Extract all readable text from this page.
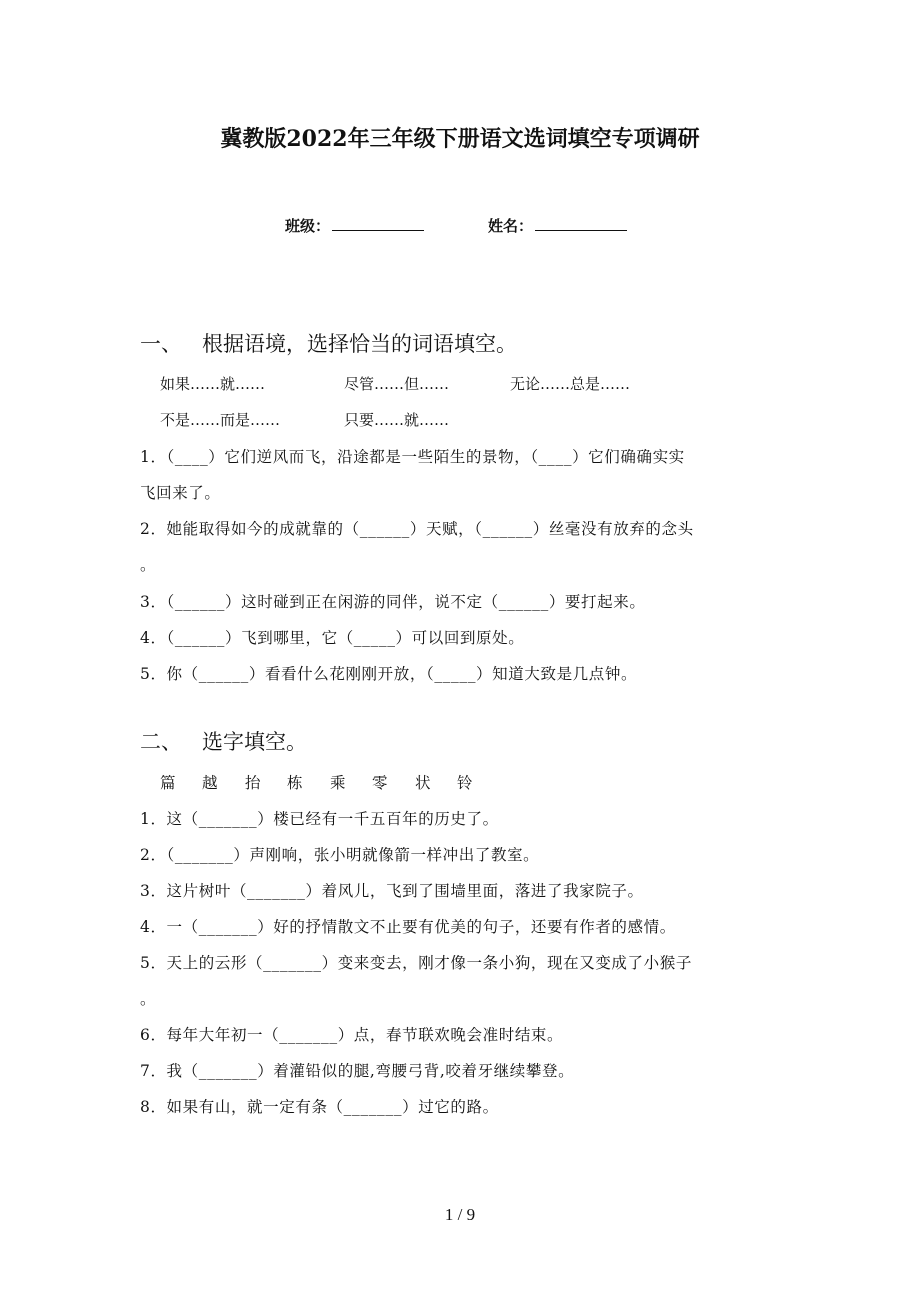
冀教版2022年三年级下册语文选词填空专项调研
班级：	姓名：
一、 根据语境，选择恰当的词语填空。
如果……就……	尽管……但……	无论……总是……
不是……而是……	只要……就……
1．（____）它们逆风而飞，沿途都是一些陌生的景物，（____）它们确确实实
飞回来了。
2．她能取得如今的成就靠的（______）天赋，（______）丝毫没有放弃的念头
。
3．（______）这时碰到正在闲游的同伴，说不定（______）要打起来。
4．（______）飞到哪里，它（_____）可以回到原处。
5．你（______）看看什么花刚刚开放，（_____）知道大致是几点钟。
二、 选字填空。
篇 越 抬 栋 乘 零 状 铃
1．这（_______）楼已经有一千五百年的历史了。
2．（_______）声刚响，张小明就像箭一样冲出了教室。
3．这片树叶（_______）着风儿，飞到了围墙里面，落进了我家院子。
4．一（_______）好的抒情散文不止要有优美的句子，还要有作者的感情。
5．天上的云形（_______）变来变去，刚才像一条小狗，现在又变成了小猴子
。
6．每年大年初一（_______）点，春节联欢晚会准时结束。
7．我（_______）着灌铅似的腿,弯腰弓背,咬着牙继续攀登。
8．如果有山，就一定有条（_______）过它的路。
1 / 9
